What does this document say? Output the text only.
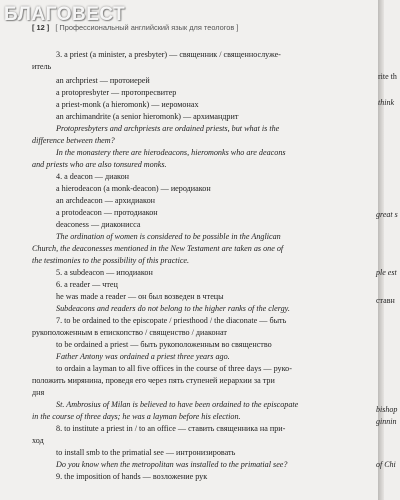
БЛАГОВЕСТ
[ 12 ] [ Профессиональный английский язык для теологов ]
3. a priest (a minister, a presbyter) — священник / священнослуже-
итель
an archpriest — протоиерей
a protopresbyter — протопресвитер
a priest-monk (a hieromonk) — иеромонах
an archimandrite (a senior hieromonk) — архимандрит
Protopresbyters and archpriests are ordained priests, but what is the
difference between them?
In the monastery there are hierodeacons, hieromonks who are deacons
and priests who are also tonsured monks.
4. a deacon — диакон
a hierodeacon (a monk-deacon) — иеродиакон
an archdeacon — архидиакон
a protodeacon — протодиакон
deaconess — диаконисса
The ordination of women is considered to be possible in the Anglican
Church, the deaconesses mentioned in the New Testament are taken as one of
the testimonies to the possibility of this practice.
5. a subdeacon — иподиакон
6. a reader — чтец
he was made a reader — он был возведен в чтецы
Subdeacons and readers do not belong to the higher ranks of the clergy.
7. to be ordained to the episcopate / priesthood / the diaconate — быть
рукоположенным в епископство / священство / диаконат
to be ordained a priest — быть рукоположенным во священство
Father Antony was ordained a priest three years ago.
to ordain a layman to all five offices in the course of three days — руко-
положить мирянина, проведя его через пять ступеней иерархии за три
дня
St. Ambrosius of Milan is believed to have been ordained to the episcopate
in the course of three days; he was a layman before his election.
8. to institute a priest in / to an office — ставить священника на при-
ход
to install smb to the primatial see — интронизировать
Do you know when the metropolitan was installed to the primatial see?
9. the imposition of hands — возложение рук
rite th
think
great s
ple est
ставн
bishop
ginnin
of Chi
